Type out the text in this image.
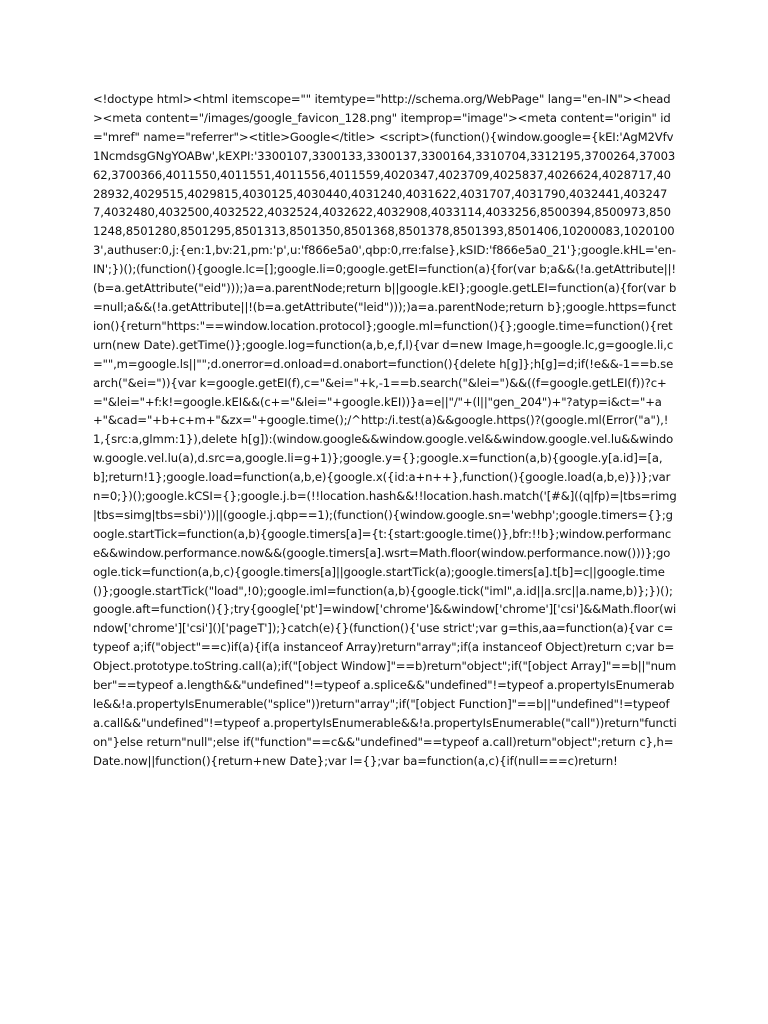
<!doctype html><html itemscope="" itemtype="http://schema.org/WebPage" lang="en-IN"><head><meta content="/images/google_favicon_128.png" itemprop="image"><meta content="origin" id="mref" name="referrer"><title>Google</title> <script>(function(){window.google={kEI:'AgM2Vfv1NcmdsgGNgYOABw',kEXPI:'3300107,3300133,3300137,3300164,3310704,3312195,3700264,3700362,3700366,4011550,4011551,4011556,4011559,4020347,4023709,4025837,4026624,4028717,4028932,4029515,4029815,4030125,4030440,4031240,4031622,4031707,4031790,4032441,4032477,4032480,4032500,4032522,4032524,4032622,4032908,4033114,4033256,8500394,8500973,8501248,8501280,8501295,8501313,8501350,8501368,8501378,8501393,8501406,10200083,10201003',authuser:0,j:{en:1,bv:21,pm:'p',u:'f866e5a0',qbp:0,rre:false},kSID:'f866e5a0_21'};google.kHL='en-IN';})();(function(){google.lc=[];google.li=0;google.getEI=function(a){for(var b;a&&(!a.getAttribute||!(b=a.getAttribute("eid")));)a=a.parentNode;return b||google.kEI};google.getLEI=function(a){for(var b=null;a&&(!a.getAttribute||!(b=a.getAttribute("leid")));)a=a.parentNode;return b};google.https=function(){return"https:"==window.location.protocol};google.ml=function(){};google.time=function(){return(new Date).getTime()};google.log=function(a,b,e,f,l){var d=new Image,h=google.lc,g=google.li,c="",m=google.ls||"";d.onerror=d.onload=d.onabort=function(){delete h[g]};h[g]=d;if(!e&&-1==b.search("&ei=")){var k=google.getEI(f),c="&ei="+k,-1==b.search("&lei=")&&((f=google.getLEI(f))?c+="&lei="+f:k!=google.kEI&&(c+="&lei="+google.kEI))}a=e||"/"+(l||"gen_204")+"?atyp=i&ct="+a+"&cad="+b+c+m+"&zx="+google.time();/^http:/i.test(a)&&google.https()?(google.ml(Error("a"),!1,{src:a,glmm:1}),delete h[g]):(window.google&&window.google.vel&&window.google.vel.lu&&window.google.vel.lu(a),d.src=a,google.li=g+1)};google.y={};google.x=function(a,b){google.y[a.id]=[a,b];return!1};google.load=function(a,b,e){google.x({id:a+n++},function(){google.load(a,b,e)})};var n=0;})();google.kCSI={};google.j.b=(!!location.hash&&!!location.hash.match('[#&]((q|fp)=|tbs=rimg|tbs=simg|tbs=sbi)'))||(google.j.qbp==1);(function(){window.google.sn='webhp';google.timers={};google.startTick=function(a,b){google.timers[a]={t:{start:google.time()},bfr:!!b};window.performance&&window.performance.now&&(google.timers[a].wsrt=Math.floor(window.performance.now()))};google.tick=function(a,b,c){google.timers[a]||google.startTick(a);google.timers[a].t[b]=c||google.time()};google.startTick("load",!0);google.iml=function(a,b){google.tick("iml",a.id||a.src||a.name,b)};})();google.aft=function(){};try{google['pt']=window['chrome']&&window['chrome']['csi']&&Math.floor(window['chrome']['csi']()['pageT']);}catch(e){}(function(){'use strict';var g=this,aa=function(a){var c=typeof a;if("object"==c)if(a){if(a instanceof Array)return"array";if(a instanceof Object)return c;var b=Object.prototype.toString.call(a);if("[object Window]"==b)return"object";if("[object Array]"==b||"number"==typeof a.length&&"undefined"!=typeof a.splice&&"undefined"!=typeof a.propertyIsEnumerable&&!a.propertyIsEnumerable("splice"))return"array";if("[object Function]"==b||"undefined"!=typeof a.call&&"undefined"!=typeof a.propertyIsEnumerable&&!a.propertyIsEnumerable("call"))return"function"}else return"null";else if("function"==c&&"undefined"==typeof a.call)return"object";return c},h=Date.now||function(){return+new Date};var l={};var ba=function(a,c){if(null===c)return!
